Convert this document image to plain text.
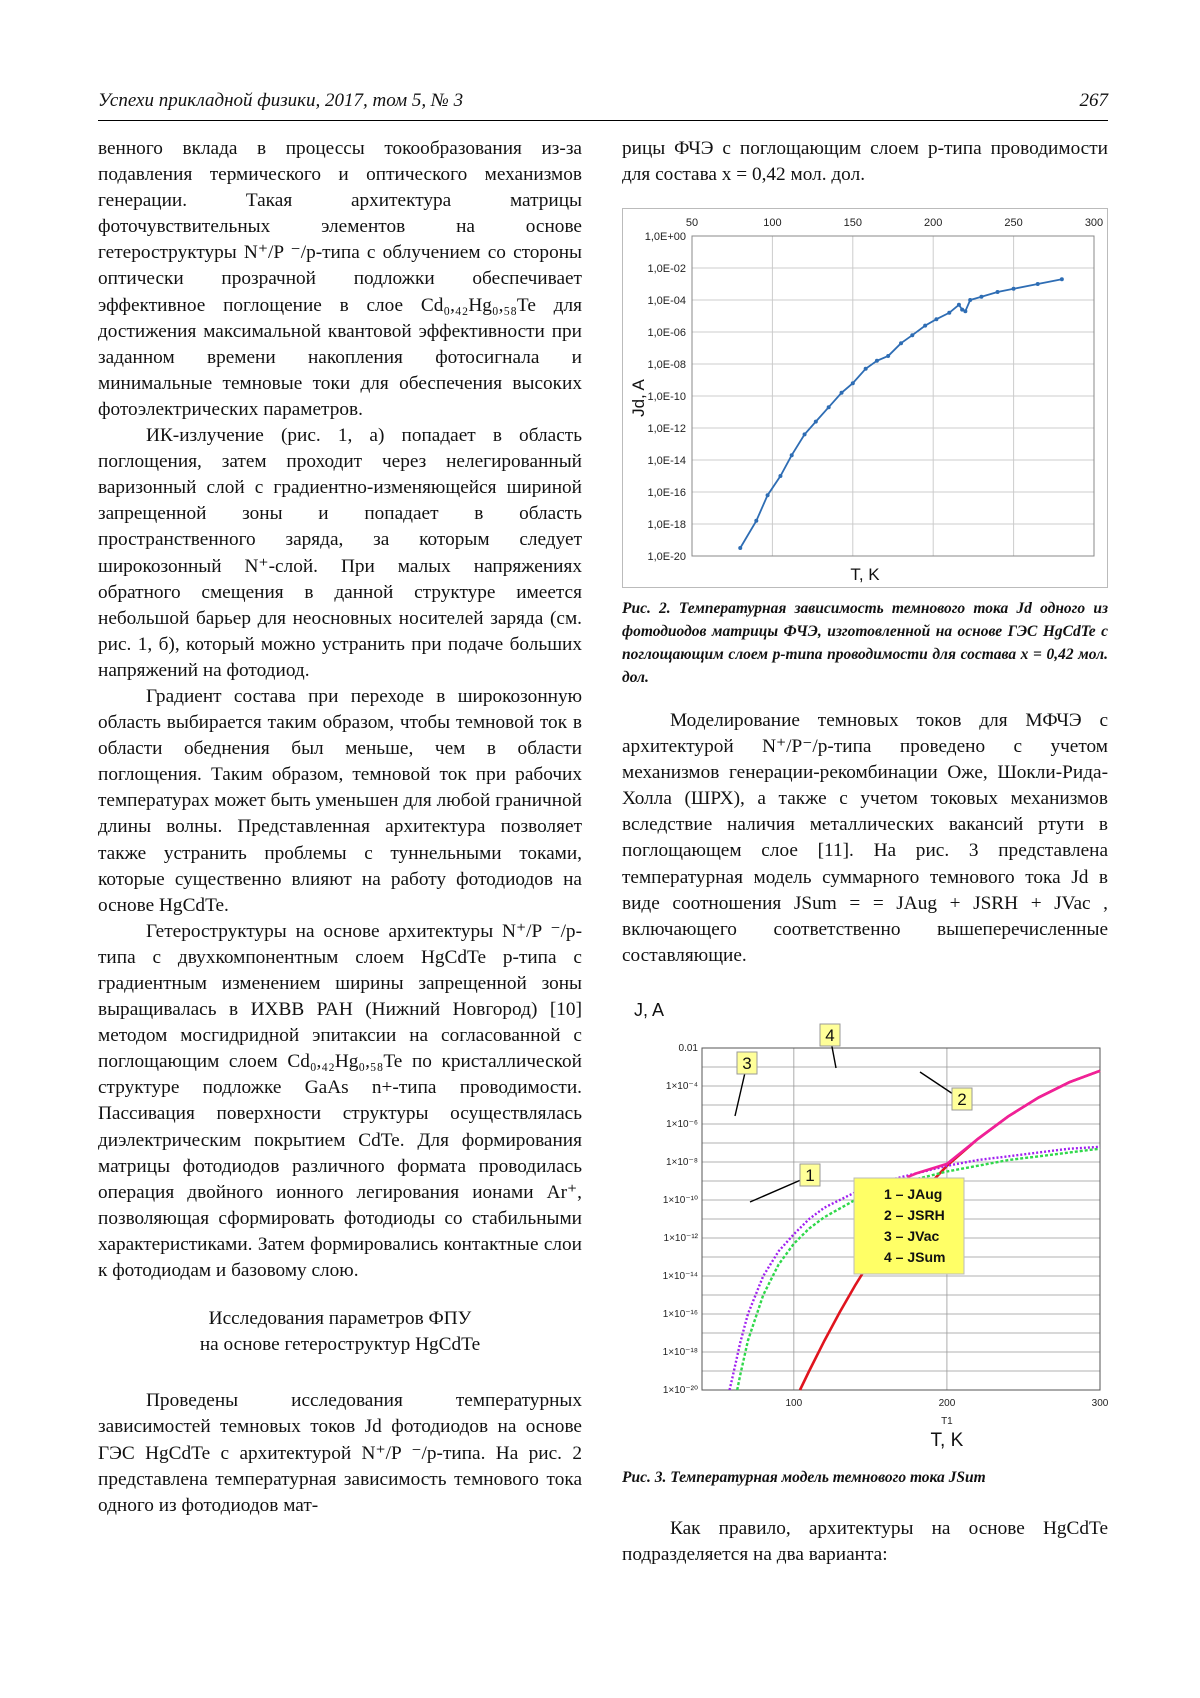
Успехи прикладной физики, 2017, том 5, № 3	267

венного вклада в процессы токообразования из-за подавления термического и оптического механизмов генерации. Такая архитектура матрицы фоточувствительных элементов на основе гетероструктуры N⁺/P ⁻/p-типа с облучением со стороны оптически прозрачной подложки обеспечивает эффективное поглощение в слое Cd₀,₄₂Hg₀,₅₈Te для достижения максимальной квантовой эффективности при заданном времени накопления фотосигнала и минимальные темновые токи для обеспечения высоких фотоэлектрических параметров.

ИК-излучение (рис. 1, а) попадает в область поглощения, затем проходит через нелегированный варизонный слой с градиентно-изменяющейся шириной запрещенной зоны и попадает в область пространственного заряда, за которым следует широкозонный N⁺-слой. При малых напряжениях обратного смещения в данной структуре имеется небольшой барьер для неосновных носителей заряда (см. рис. 1, б), который можно устранить при подаче больших напряжений на фотодиод.

Градиент состава при переходе в широкозонную область выбирается таким образом, чтобы темновой ток в области обеднения был меньше, чем в области поглощения. Таким образом, темновой ток при рабочих температурах может быть уменьшен для любой граничной длины волны. Представленная архитектура позволяет также устранить проблемы с туннельными токами, которые существенно влияют на работу фотодиодов на основе HgCdTe.

Гетероструктуры на основе архитектуры N⁺/P ⁻/p-типа с двухкомпонентным слоем HgCdTe p-типа с градиентным изменением ширины запрещенной зоны выращивалась в ИХВВ РАН (Нижний Новгород) [10] методом мосгидридной эпитаксии на согласованной с поглощающим слоем Cd₀,₄₂Hg₀,₅₈Te по кристаллической структуре подложке GaAs n+-типа проводимости. Пассивация поверхности структуры осуществлялась диэлектрическим покрытием CdTe. Для формирования матрицы фотодиодов различного формата проводилась операция двойного ионного легирования ионами Ar⁺, позволяющая сформировать фотодиоды со стабильными характеристиками. Затем формировались контактные слои к фотодиодам и базовому слою.

Исследования параметров ФПУ
на основе гетероструктур HgCdTe

Проведены исследования температурных зависимостей темновых токов Jd фотодиодов на основе ГЭС HgCdTe с архитектурой N⁺/P ⁻/p-типа. На рис. 2 представлена температурная зависимость темнового тока одного из фотодиодов мат-

рицы ФЧЭ с поглощающим слоем p-типа проводимости для состава x = 0,42 мол. дол.

1,0E+00
1,0E-02
1,0E-04
1,0E-06
1,0E-08
1,0E-10
1,0E-12
1,0E-14
1,0E-16
1,0E-18
1,0E-20
50	100	150	200	250	300
T, K
Jd, A
Рис. 2. Температурная зависимость темнового тока Jd одного из фотодиодов матрицы ФЧЭ, изготовленной на основе ГЭС HgCdTe с поглощающим слоем p-типа проводимости для состава x = 0,42 мол. дол.

Моделирование темновых токов для МФЧЭ с архитектурой N⁺/P⁻/p-типа проведено с учетом механизмов генерации-рекомбинации Оже, Шокли-Рида-Холла (ШРХ), а также с учетом токовых механизмов вследствие наличия металлических вакансий ртути в поглощающем слое [11]. На рис. 3 представлена температурная модель суммарного темнового тока Jd в виде соотношения JSum = = JAug + JSRH + JVac , включающего соответственно вышеперечисленные составляющие.

J, A
0.01
1×10⁻⁴
1×10⁻⁶
1×10⁻⁸
1×10⁻¹⁰
1×10⁻¹²
1×10⁻¹⁴
1×10⁻¹⁶
1×10⁻¹⁸
1×10⁻²⁰
100	200	300
T1
T, K
1
2
3
4
1 – JAug
2 – JSRH
3 – JVac
4 – JSum
Рис. 3. Температурная модель темнового тока JSum

Как правило, архитектуры на основе HgCdTe подразделяется на два варианта:
